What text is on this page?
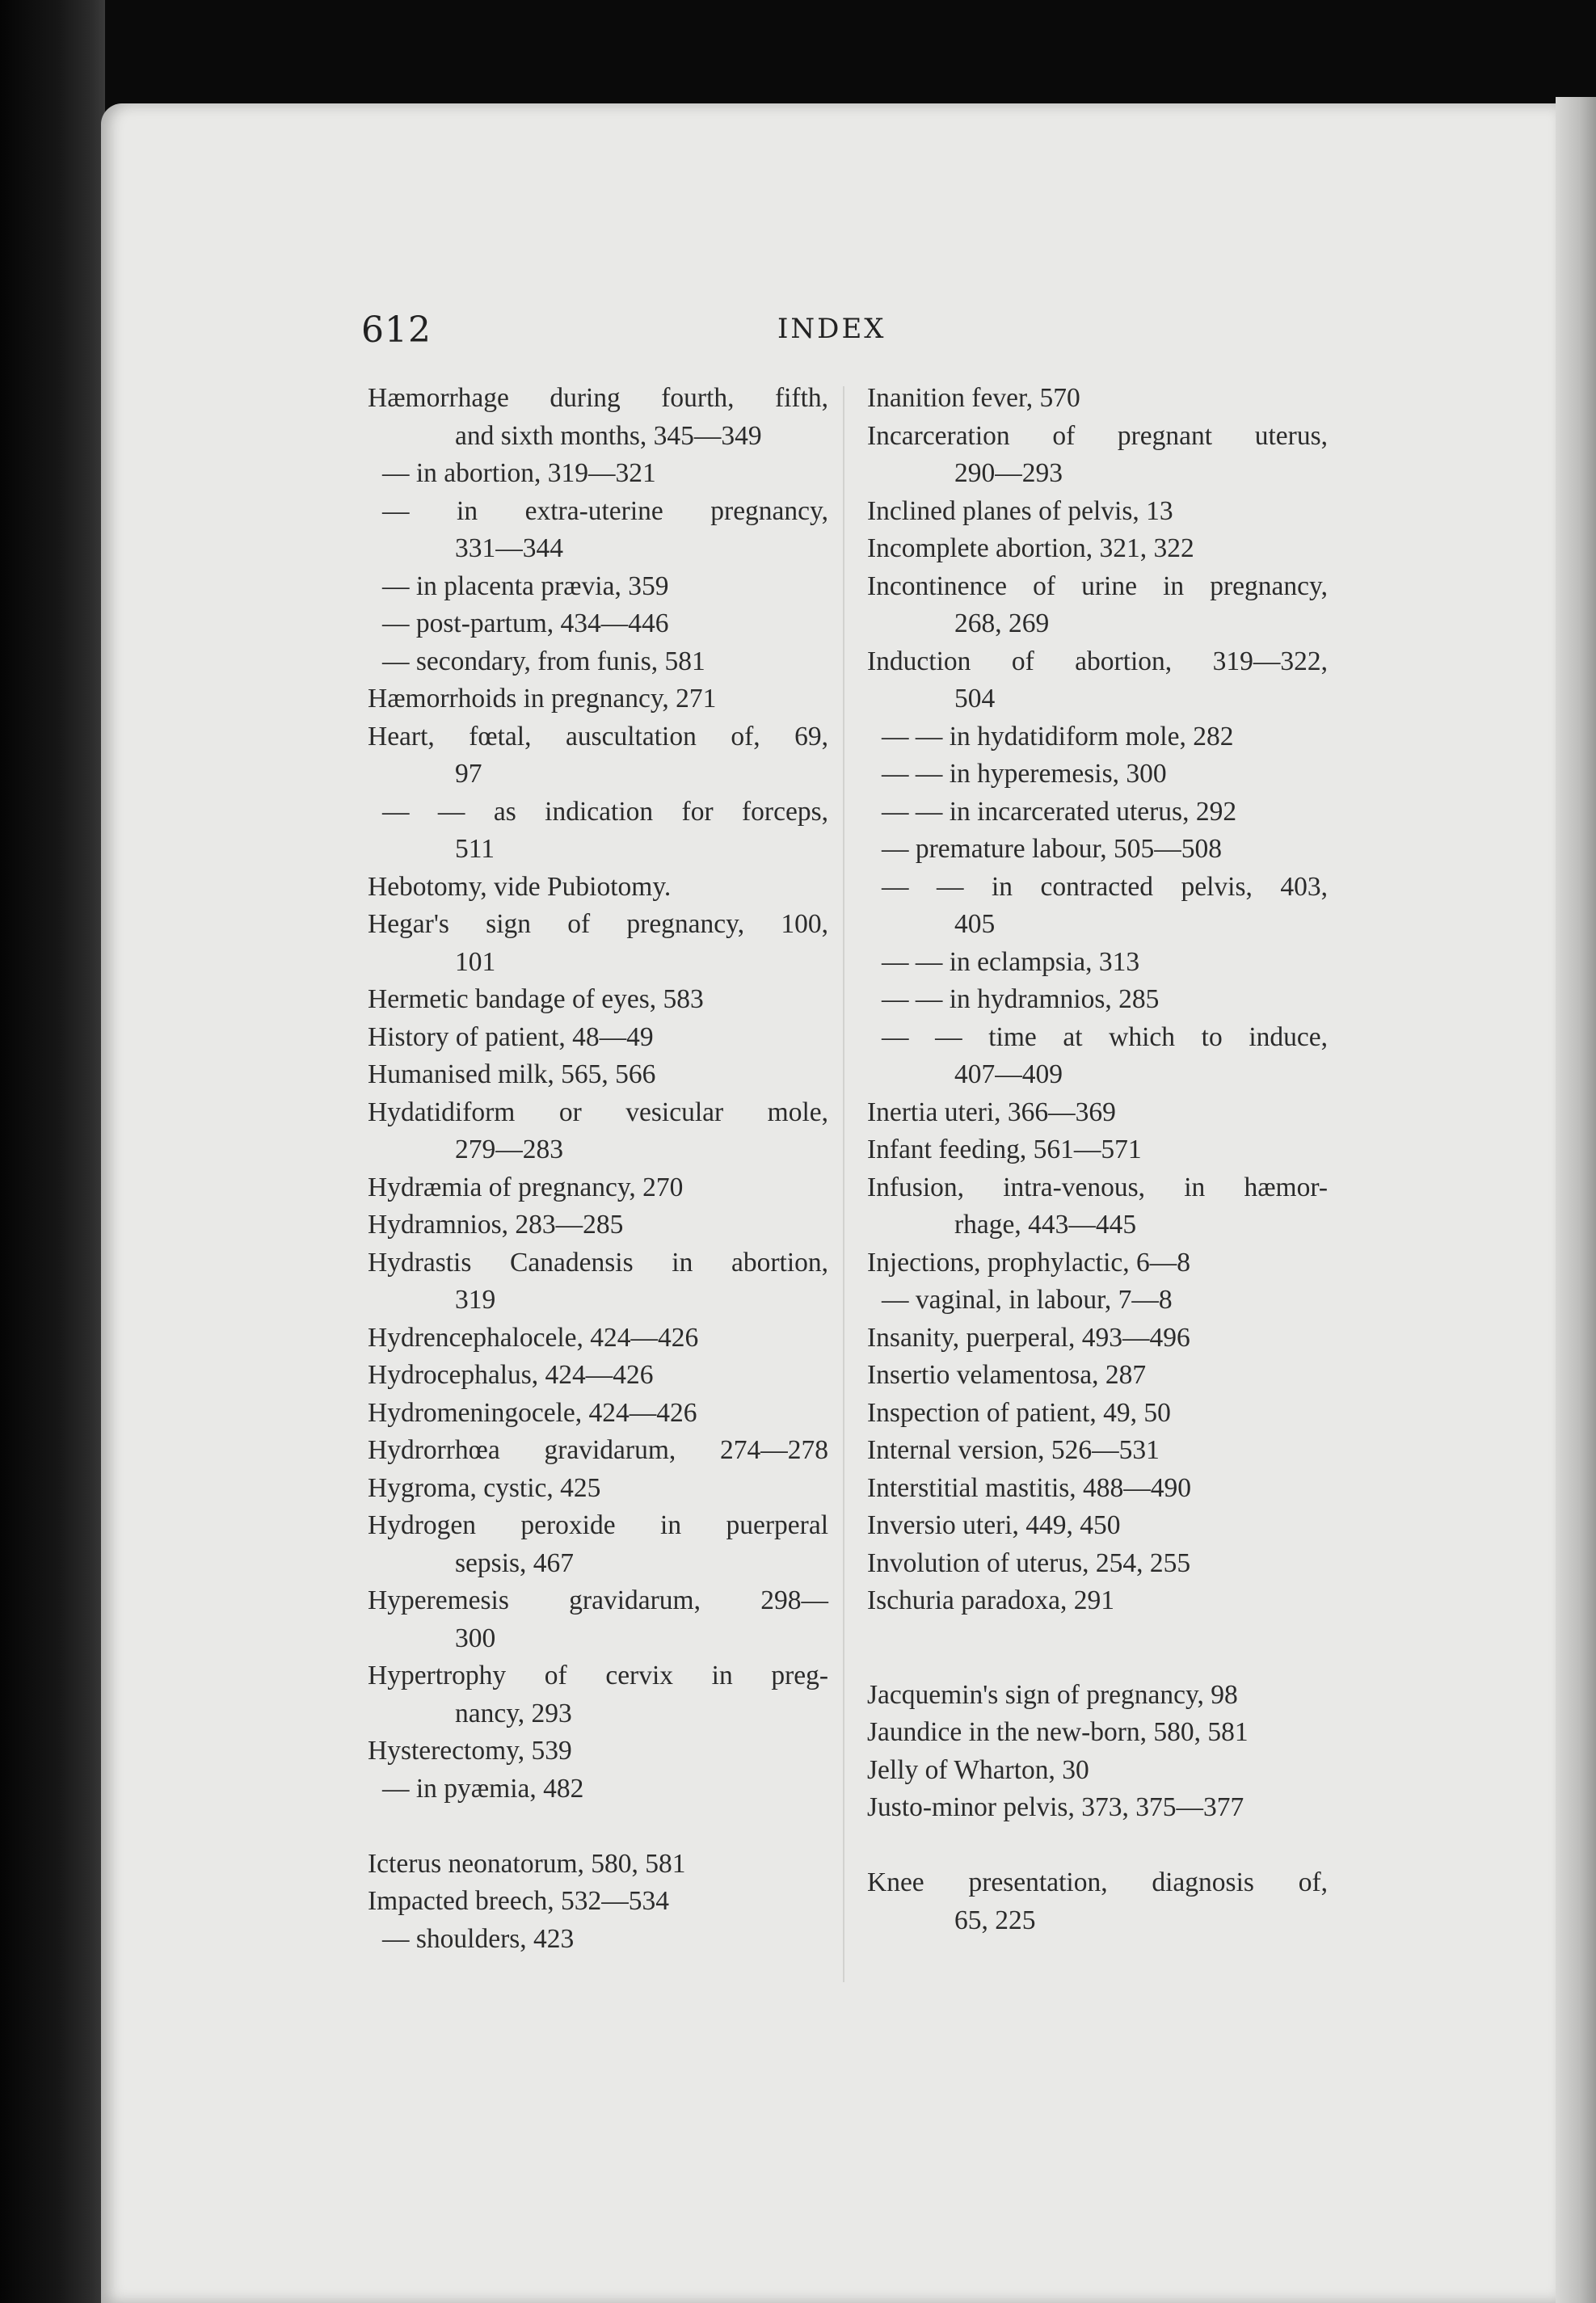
612	INDEX
Hæmorrhage during fourth, fifth,
and sixth months, 345—349
— in abortion, 319—321
— in extra-uterine pregnancy,
331—344
— in placenta prævia, 359
— post-partum, 434—446
— secondary, from funis, 581
Hæmorrhoids in pregnancy, 271
Heart, fœtal, auscultation of, 69,
97
— — as indication for forceps,
511
Hebotomy, vide Pubiotomy.
Hegar's sign of pregnancy, 100,
101
Hermetic bandage of eyes, 583
History of patient, 48—49
Humanised milk, 565, 566
Hydatidiform or vesicular mole,
279—283
Hydræmia of pregnancy, 270
Hydramnios, 283—285
Hydrastis Canadensis in abortion,
319
Hydrencephalocele, 424—426
Hydrocephalus, 424—426
Hydromeningocele, 424—426
Hydrorrhœa gravidarum, 274—278
Hygroma, cystic, 425
Hydrogen peroxide in puerperal
sepsis, 467
Hyperemesis gravidarum, 298—
300
Hypertrophy of cervix in preg-
nancy, 293
Hysterectomy, 539
— in pyæmia, 482
Icterus neonatorum, 580, 581
Impacted breech, 532—534
— shoulders, 423
Inanition fever, 570
Incarceration of pregnant uterus,
290—293
Inclined planes of pelvis, 13
Incomplete abortion, 321, 322
Incontinence of urine in pregnancy,
268, 269
Induction of abortion, 319—322,
504
— — in hydatidiform mole, 282
— — in hyperemesis, 300
— — in incarcerated uterus, 292
— premature labour, 505—508
— — in contracted pelvis, 403,
405
— — in eclampsia, 313
— — in hydramnios, 285
— — time at which to induce,
407—409
Inertia uteri, 366—369
Infant feeding, 561—571
Infusion, intra-venous, in hæmor-
rhage, 443—445
Injections, prophylactic, 6—8
— vaginal, in labour, 7—8
Insanity, puerperal, 493—496
Insertio velamentosa, 287
Inspection of patient, 49, 50
Internal version, 526—531
Interstitial mastitis, 488—490
Inversio uteri, 449, 450
Involution of uterus, 254, 255
Ischuria paradoxa, 291
Jacquemin's sign of pregnancy, 98
Jaundice in the new-born, 580, 581
Jelly of Wharton, 30
Justo-minor pelvis, 373, 375—377
Knee presentation, diagnosis of,
65, 225
